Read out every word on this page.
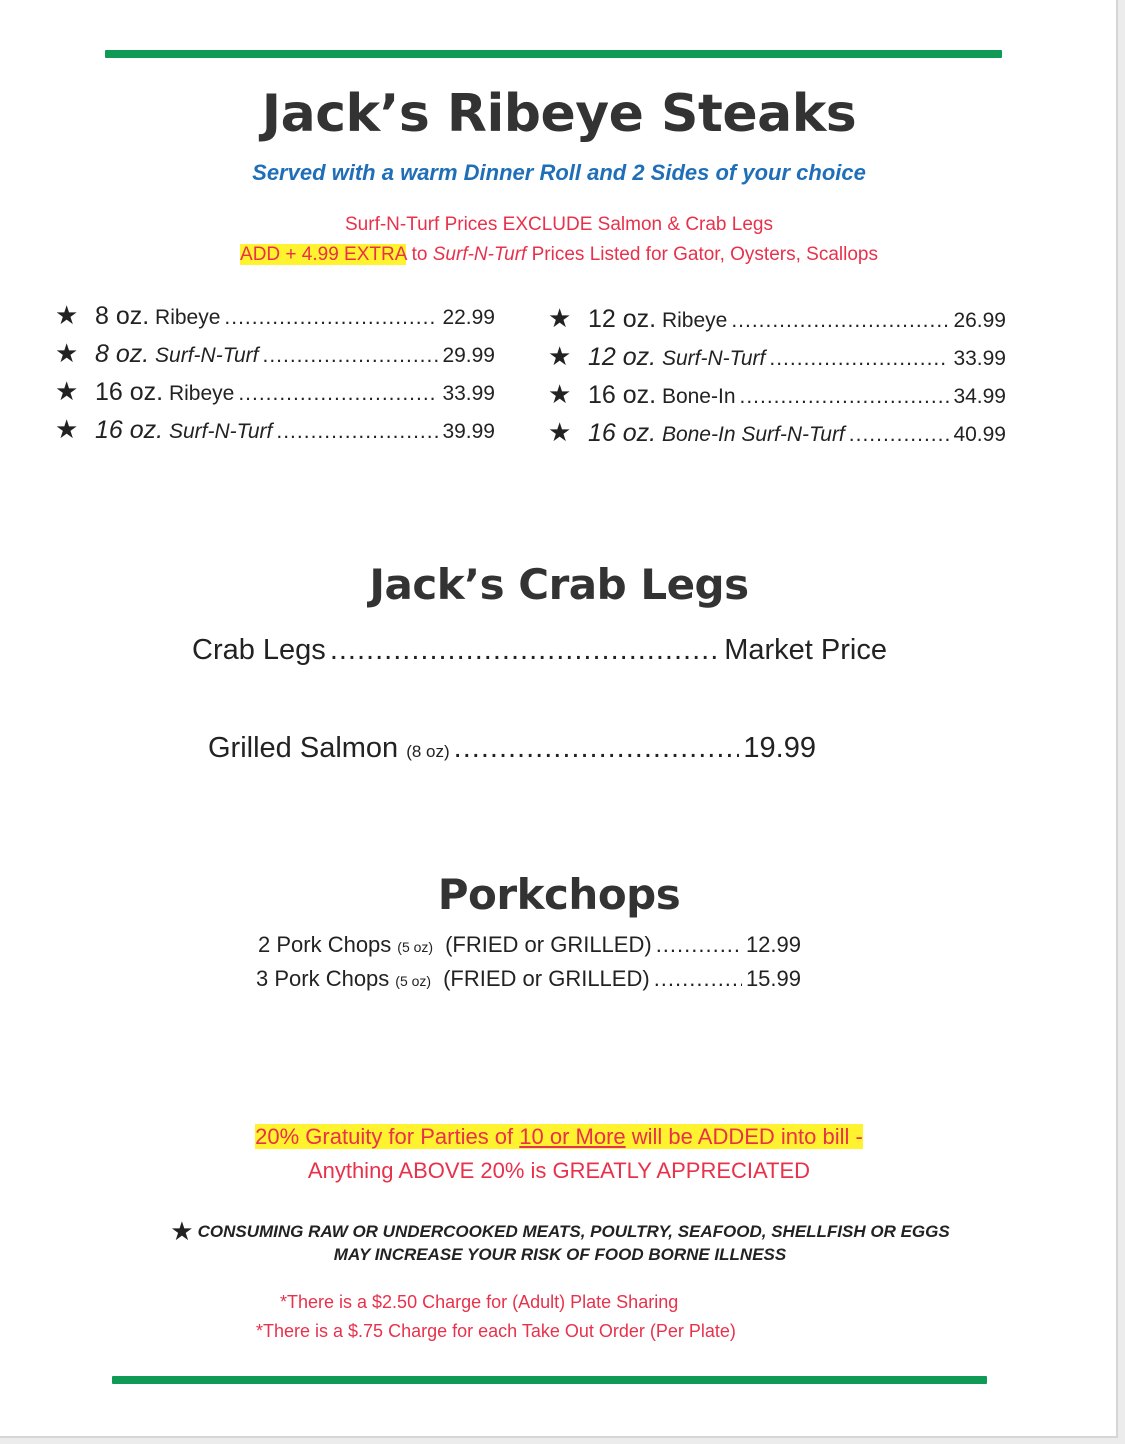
Jack’s Ribeye Steaks
Served with a warm Dinner Roll and 2 Sides of your choice
Surf-N-Turf Prices EXCLUDE Salmon & Crab Legs
ADD + 4.99 EXTRA to Surf-N-Turf Prices Listed for Gator, Oysters, Scallops
★ 8 oz. Ribeye .....	22.99
★ 8 oz. Surf-N-Turf .....	29.99
★ 16 oz. Ribeye .....	33.99
★ 16 oz. Surf-N-Turf .....	39.99
★ 12 oz. Ribeye .....	26.99
★ 12 oz. Surf-N-Turf .....	33.99
★ 16 oz. Bone-In .....	34.99
★ 16 oz. Bone-In Surf-N-Turf .....	40.99
Jack’s Crab Legs
Crab Legs .....	Market Price
Grilled Salmon (8 oz) .....	19.99
Porkchops
2 Pork Chops (5 oz) (FRIED or GRILLED) .....	12.99
3 Pork Chops (5 oz) (FRIED or GRILLED) .....	15.99
20% Gratuity for Parties of 10 or More will be ADDED into bill -
Anything ABOVE 20% is GREATLY APPRECIATED
★ CONSUMING RAW OR UNDERCOOKED MEATS, POULTRY, SEAFOOD, SHELLFISH OR EGGS
MAY INCREASE YOUR RISK OF FOOD BORNE ILLNESS
*There is a $2.50 Charge for (Adult) Plate Sharing
*There is a $.75 Charge for each Take Out Order (Per Plate)
